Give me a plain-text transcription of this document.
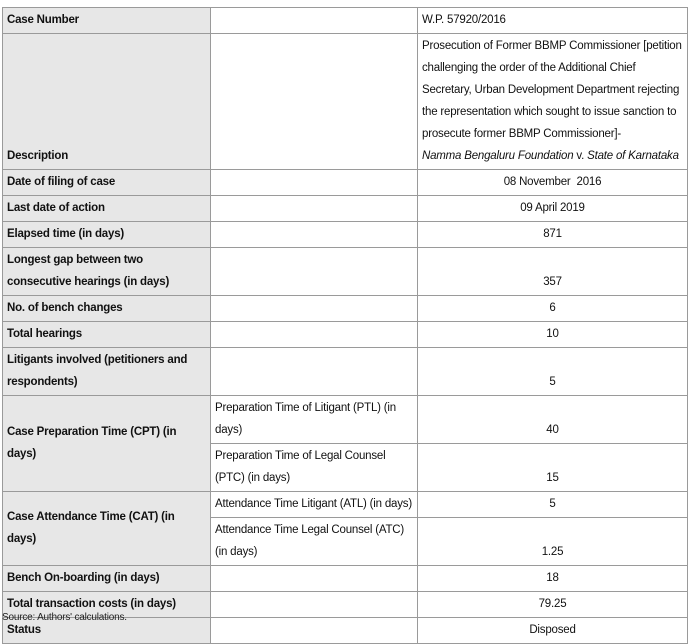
Case Number		W.P. 57920/2016
Description		Prosecution of Former BBMP Commissioner [petition challenging the order of the Additional Chief Secretary, Urban Development Department rejecting the representation which sought to issue sanction to prosecute former BBMP Commissioner]-
Namma Bengaluru Foundation v. State of Karnataka
Date of filing of case		08 November  2016
Last date of action		09 April 2019
Elapsed time (in days)		871
Longest gap between two consecutive hearings (in days)		357
No. of bench changes		6
Total hearings		10
Litigants involved (petitioners and respondents)		5
Case Preparation Time (CPT) (in days)	Preparation Time of Litigant (PTL) (in days)	40
	Preparation Time of Legal Counsel (PTC) (in days)	15
Case Attendance Time (CAT) (in days)	Attendance Time Litigant (ATL) (in days)	5
	Attendance Time Legal Counsel (ATC) (in days)	1.25
Bench On-boarding (in days)		18
Total transaction costs (in days)		79.25
Status		Disposed
Source: Authors' calculations.
